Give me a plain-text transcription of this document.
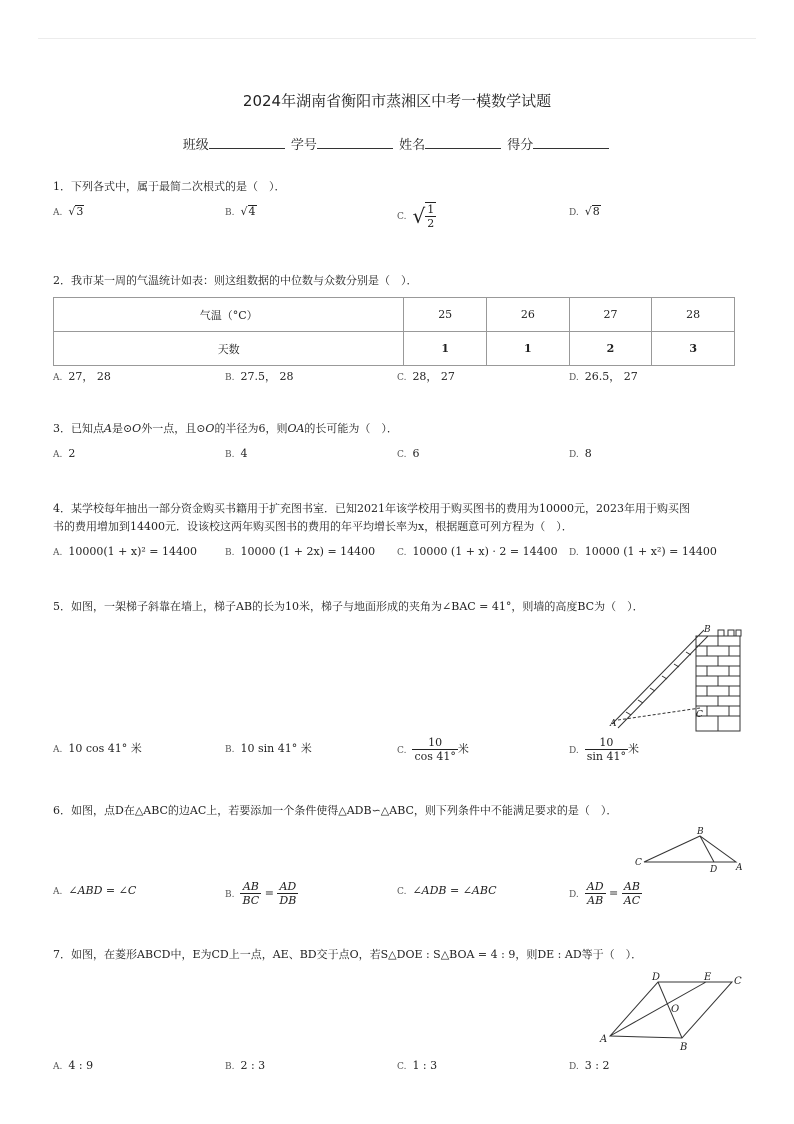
2024年湖南省衡阳市蒸湘区中考一模数学试题
班级	学号	姓名	得分
1．下列各式中，属于最简二次根式的是（　）．
A. √3	B. √4	C. √ $\frac{1}{2}$	D. √8
2．我市某一周的气温统计如表：则这组数据的中位数与众数分别是（　）．
气温（°C）	25	26	27	28
天数	1	1	2	3
A. 27， 28	B. 27.5， 28	C. 28， 27	D. 26.5， 27
3．已知点A是⊙O外一点，且⊙O的半径为6，则OA的长可能为（　）．
A. 2	B. 4	C. 6	D. 8
4．某学校每年抽出一部分资金购买书籍用于扩充图书室．已知2021年该学校用于购买图书的费用为10000元，2023年用于购买图
书的费用增加到14400元．设该校这两年购买图书的费用的年平均增长率为x，根据题意可列方程为（　）．
A. 10000(1 + x)² = 14400	B. 10000 (1 + 2x) = 14400 C. 10000 (1 + x) · 2 = 14400 D. 10000 (1 + x²) = 14400
5．如图，一架梯子斜靠在墙上，梯子AB的长为10米，梯子与地面形成的夹角为∠BAC = 41°，则墙的高度BC为（　）．
B
A
C
A. 10 cos 41° 米	B. 10 sin 41° 米	C. $\frac{10}{\cos 41^\circ}$ 米	D. $\frac{10}{\sin 41^\circ}$ 米
6．如图，点D在△ABC的边AC上，若要添加一个条件使得△ADB∽△ABC，则下列条件中不能满足要求的是（　）．
B
C
D A
A. ∠ABD = ∠C	B. $\frac{AB}{BC} = \frac{AD}{DB}$	C. ∠ADB = ∠ABC	D. $\frac{AD}{AB} = \frac{AB}{AC}$
7．如图，在菱形ABCD中，E为CD上一点，AE、BD交于点O，若S△DOE : S△BOA = 4 : 9，则DE : AD等于（　）．
A
B
C
D	E
O
A. 4 : 9	B. 2 : 3	C. 1 : 3	D. 3 : 2
